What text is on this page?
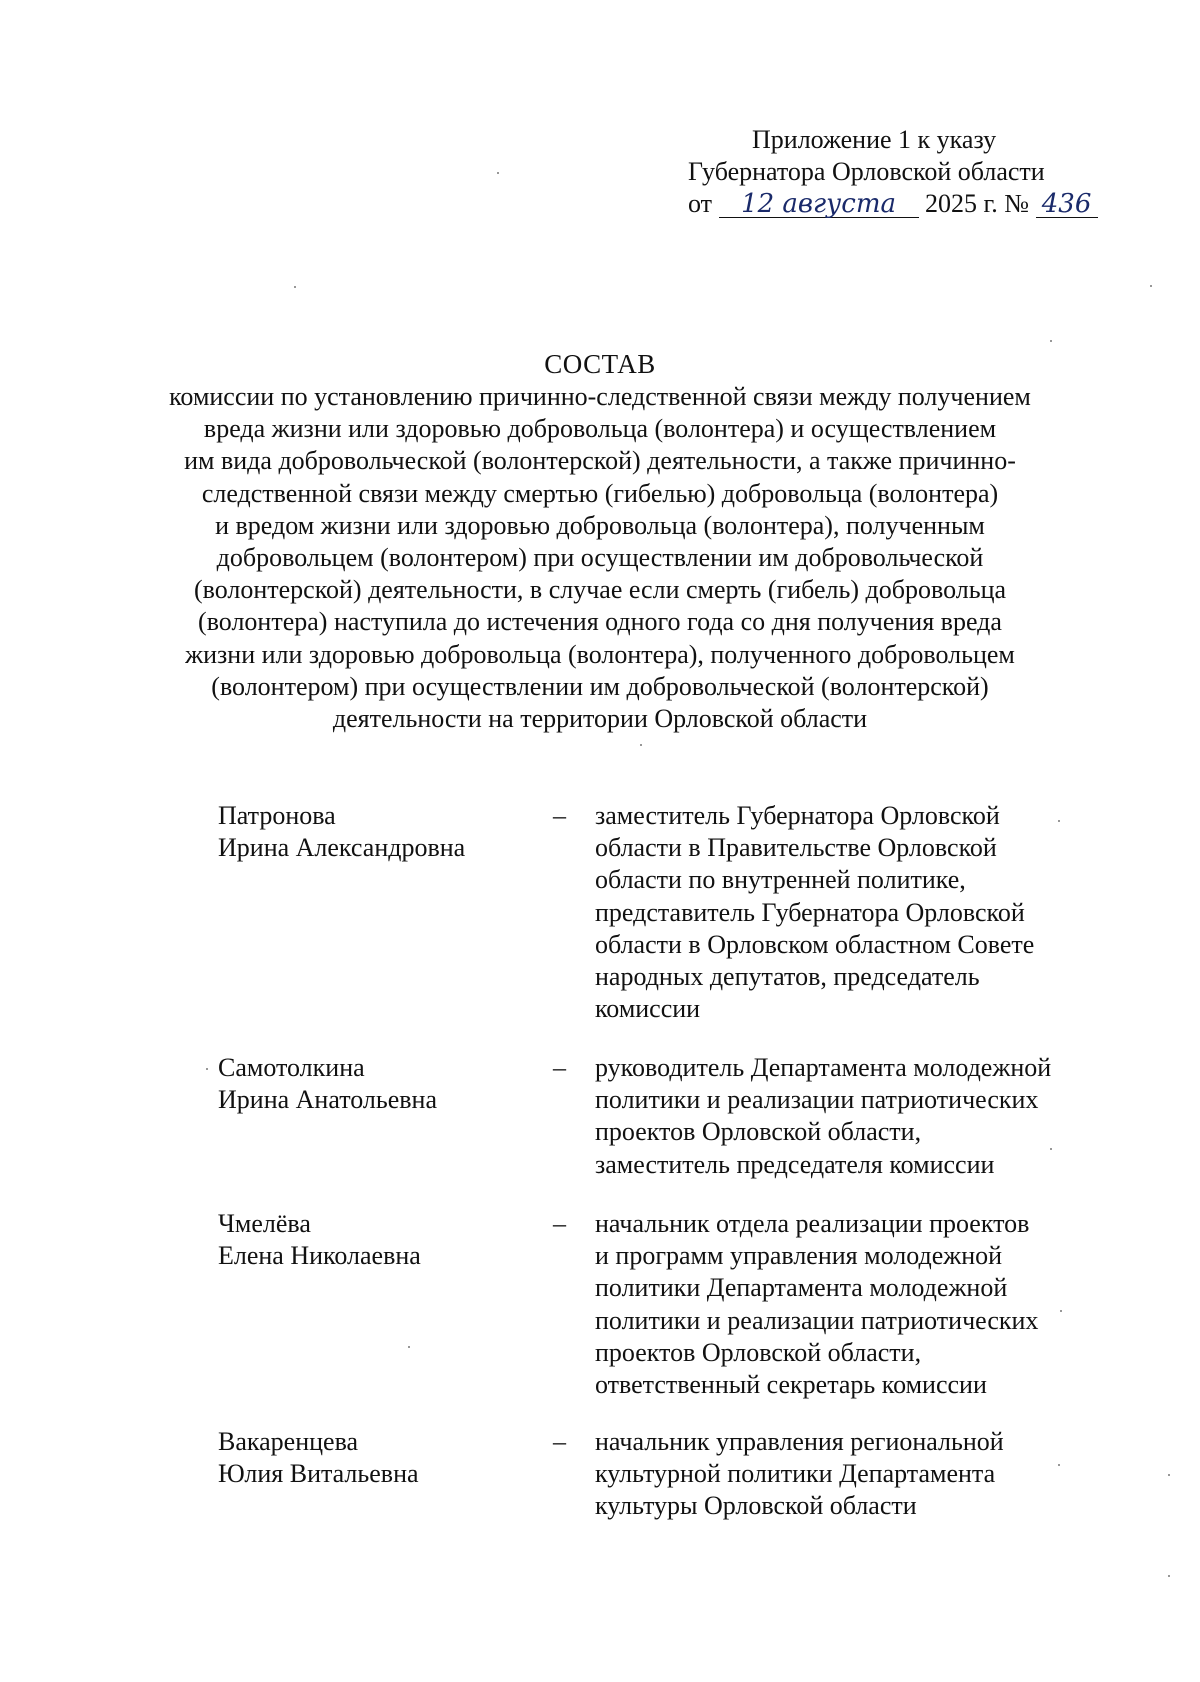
Приложение 1 к указу
Губернатора Орловской области
от 12 августа 2025 г. № 436
СОСТАВ
комиссии по установлению причинно-следственной связи между получением
вреда жизни или здоровью добровольца (волонтера) и осуществлением
им вида добровольческой (волонтерской) деятельности, а также причинно-
следственной связи между смертью (гибелью) добровольца (волонтера)
и вредом жизни или здоровью добровольца (волонтера), полученным
добровольцем (волонтером) при осуществлении им добровольческой
(волонтерской) деятельности, в случае если смерть (гибель) добровольца
(волонтера) наступила до истечения одного года со дня получения вреда
жизни или здоровью добровольца (волонтера), полученного добровольцем
(волонтером) при осуществлении им добровольческой (волонтерской)
деятельности на территории Орловской области
Патронова
Ирина Александровна
–	заместитель Губернатора Орловской
области в Правительстве Орловской
области по внутренней политике,
представитель Губернатора Орловской
области в Орловском областном Совете
народных депутатов, председатель
комиссии
Самотолкина
Ирина Анатольевна
–	руководитель Департамента молодежной
политики и реализации патриотических
проектов Орловской области,
заместитель председателя комиссии
Чмелёва
Елена Николаевна
–	начальник отдела реализации проектов
и программ управления молодежной
политики Департамента молодежной
политики и реализации патриотических
проектов Орловской области,
ответственный секретарь комиссии
Вакаренцева
Юлия Витальевна
–	начальник управления региональной
культурной политики Департамента
культуры Орловской области
